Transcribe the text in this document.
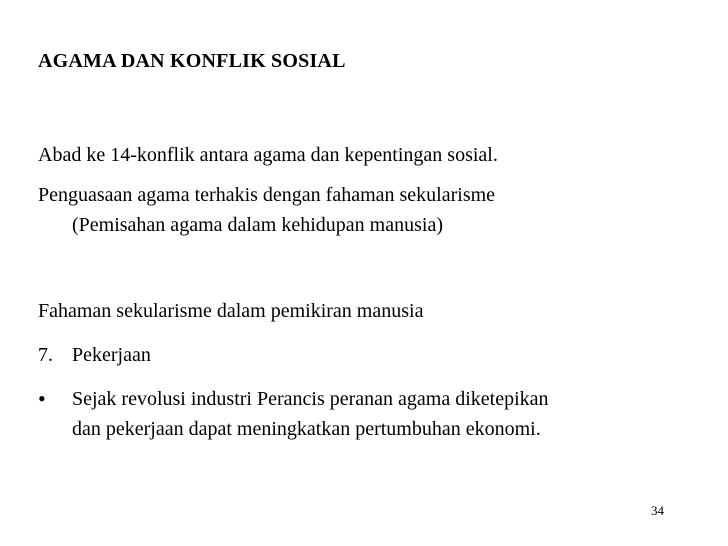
AGAMA DAN KONFLIK SOSIAL
Abad ke 14-konflik antara agama dan kepentingan sosial.
Penguasaan agama terhakis dengan fahaman sekularisme
(Pemisahan agama dalam kehidupan manusia)
Fahaman sekularisme dalam pemikiran manusia
7. Pekerjaan
• Sejak revolusi industri Perancis peranan agama diketepikan
dan pekerjaan dapat meningkatkan pertumbuhan ekonomi.
34
